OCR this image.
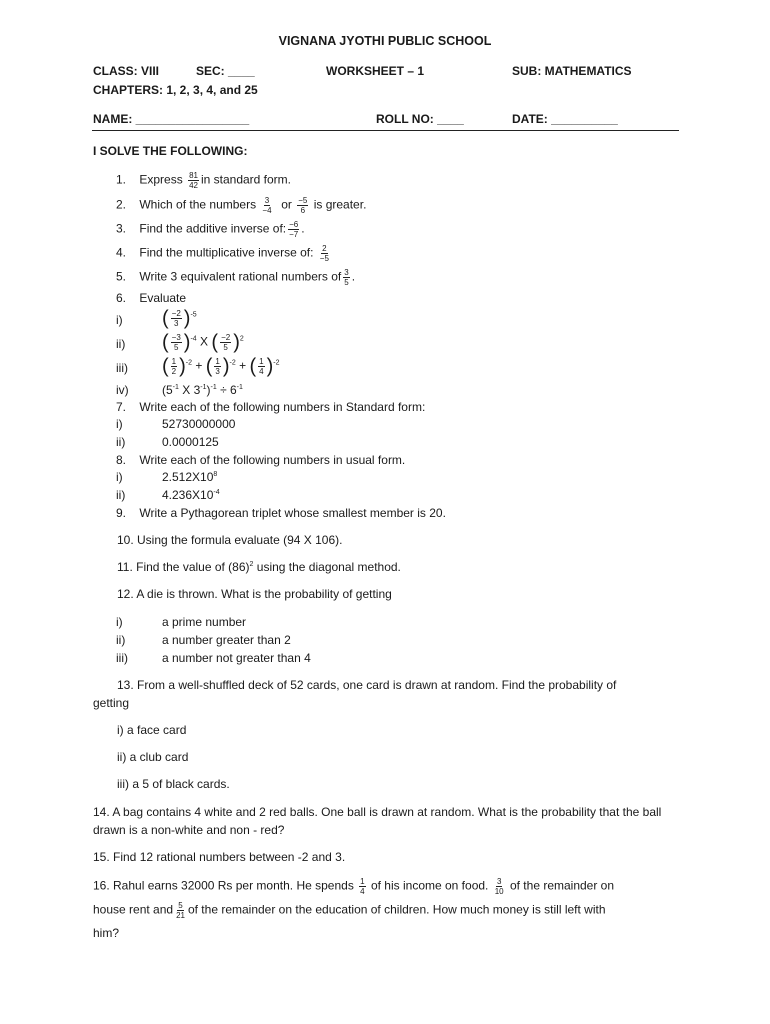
VIGNANA JYOTHI PUBLIC SCHOOL
CLASS: VIII	SEC: ____	WORKSHEET – 1	SUB: MATHEMATICS
CHAPTERS: 1, 2, 3, 4, and 25
NAME: _________________	ROLL NO: ____	DATE: __________
I SOLVE THE FOLLOWING:
1. Express $\frac{81}{42}$ in standard form.
2. Which of the numbers $\frac{3}{-4}$ or $\frac{-5}{6}$ is greater.
3. Find the additive inverse of: $\frac{-6}{-7}$ .
4. Find the multiplicative inverse of: $\frac{2}{-5}$
5. Write 3 equivalent rational numbers of $\frac{3}{5}$ .
6. Evaluate
i) ( $\frac{-2}{3} )^{-5}$
ii) ( $\frac{-3}{5} )^{-4}$ X ( $\frac{-2}{5} )^2$
iii) ( $\frac{1}{2} )^{-2}$ + ( $\frac{1}{3} )^{-2}$ + ( $\frac{1}{4} )^{-2}$
iv)	($5^{-1}$ X $3^{-1})^{-1} \div 6^{-1}$
7. Write each of the following numbers in Standard form:
i)	52730000000
ii)	0.0000125
8. Write each of the following numbers in usual form.
i)	$2.512X10^8$
ii)	$4.236X10^{-4}$
9. Write a Pythagorean triplet whose smallest member is 20.
10. Using the formula evaluate (94 X 106).
11. Find the value of $(86)^2$ using the diagonal method.
12. A die is thrown. What is the probability of getting
i)	a prime number
ii)	a number greater than 2
iii)	a number not greater than 4
13. From a well-shuffled deck of 52 cards, one card is drawn at random. Find the probability of
getting
i) a face card
ii) a club card
iii) a 5 of black cards.
14. A bag contains 4 white and 2 red balls. One ball is drawn at random. What is the probability that the ball drawn is a non-white and non - red?
15. Find 12 rational numbers between -2 and 3.
16. Rahul earns 32000 Rs per month. He spends $\frac{1}{4}$ of his income on food. $\frac{3}{10}$ of the remainder on
house rent and $\frac{5}{21}$ of the remainder on the education of children. How much money is still left with
him?
